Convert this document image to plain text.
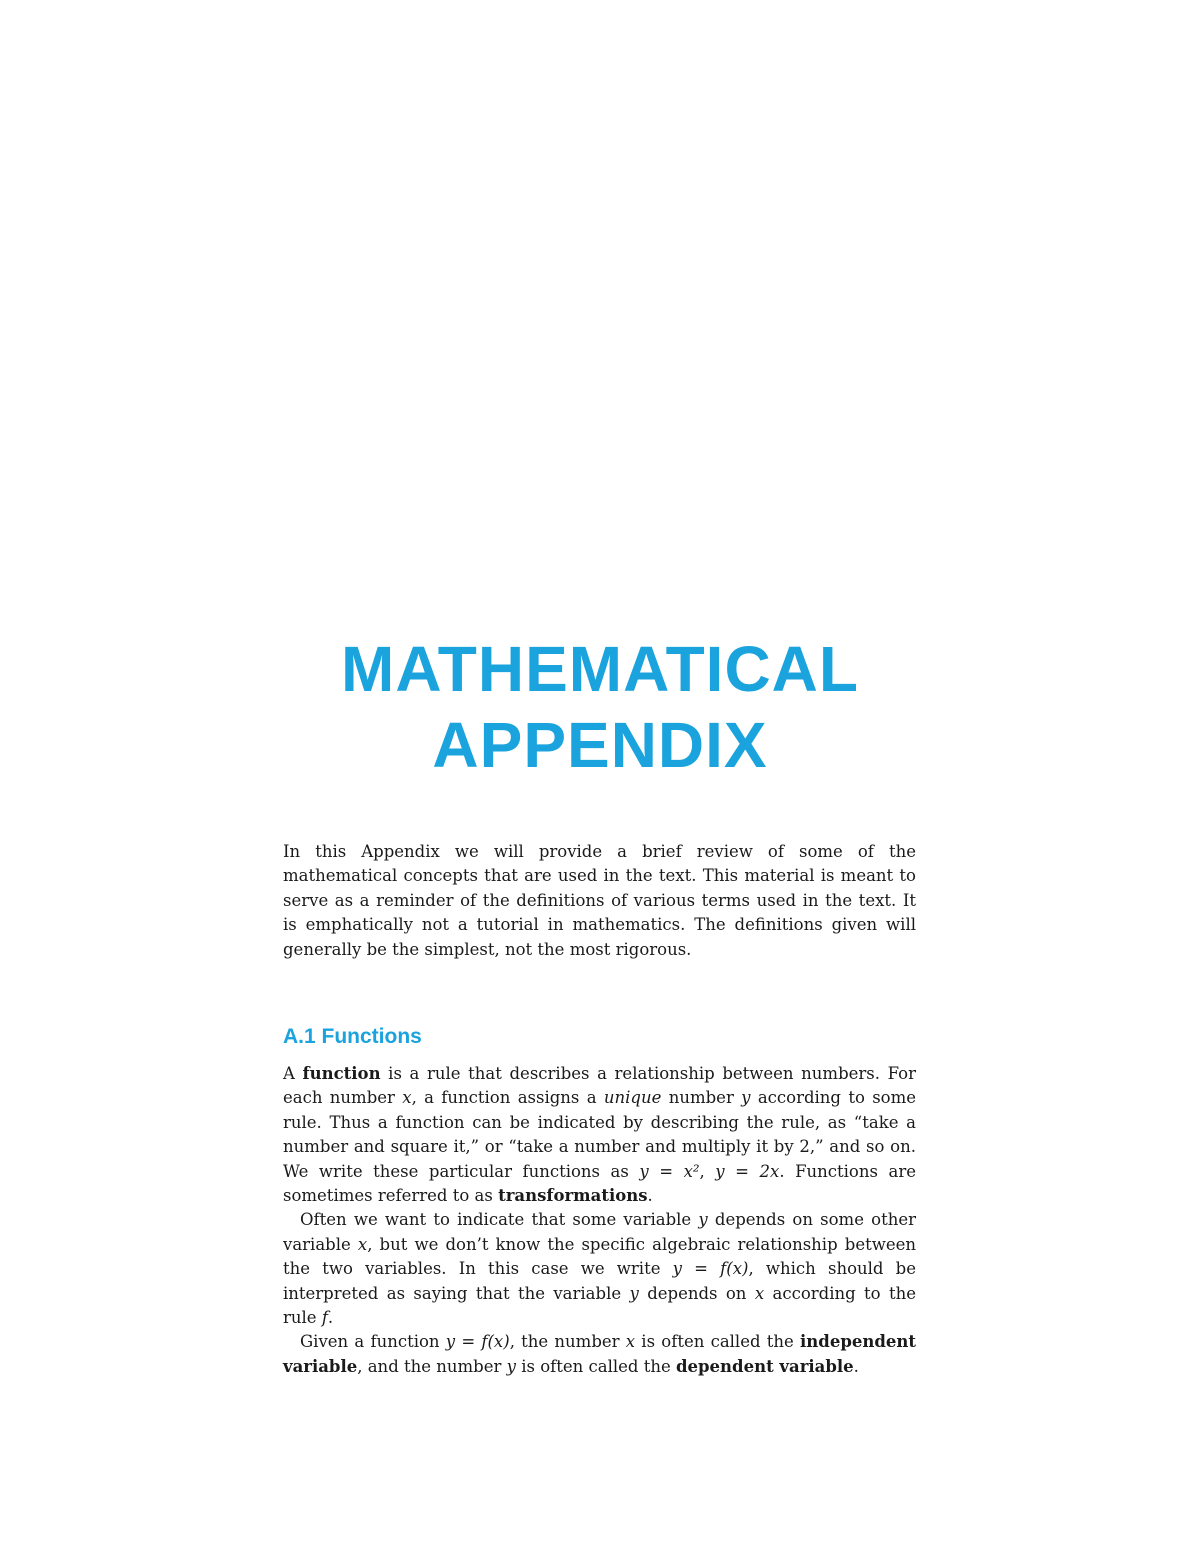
MATHEMATICAL
APPENDIX
In this Appendix we will provide a brief review of some of the mathematical concepts that are used in the text. This material is meant to serve as a reminder of the definitions of various terms used in the text. It is emphatically not a tutorial in mathematics. The definitions given will generally be the simplest, not the most rigorous.
A.1 Functions

A function is a rule that describes a relationship between numbers. For each number x, a function assigns a unique number y according to some rule. Thus a function can be indicated by describing the rule, as “take a number and square it,” or “take a number and multiply it by 2,” and so on. We write these particular functions as y = x², y = 2x. Functions are sometimes referred to as transformations.

Often we want to indicate that some variable y depends on some other variable x, but we don’t know the specific algebraic relationship between the two variables. In this case we write y = f(x), which should be interpreted as saying that the variable y depends on x according to the rule f.

Given a function y = f(x), the number x is often called the independent variable, and the number y is often called the dependent variable.
